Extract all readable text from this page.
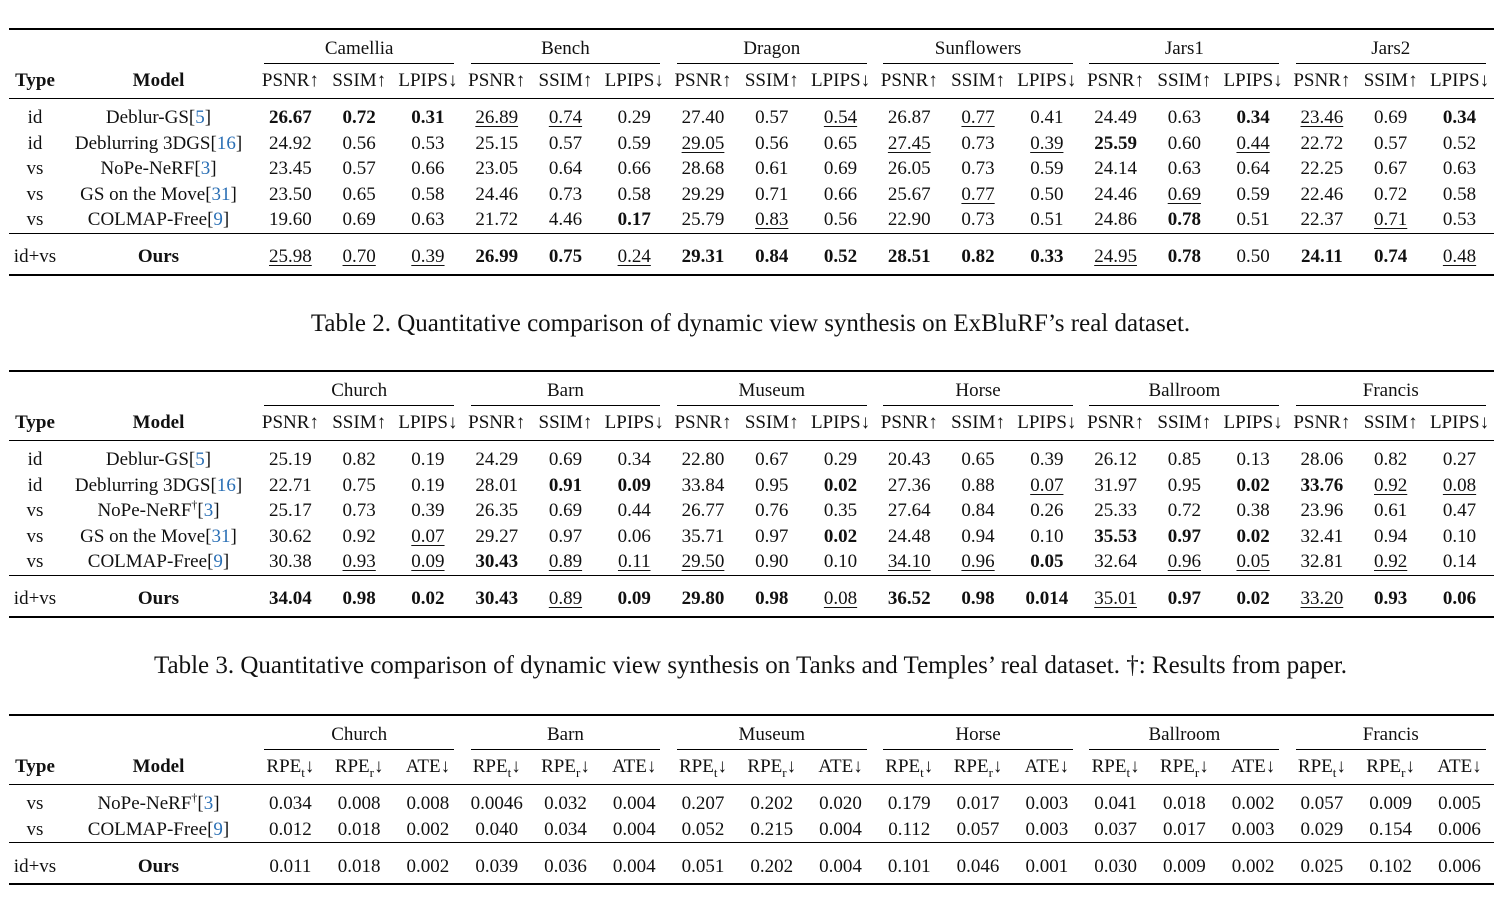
		Camellia			Bench			Dragon			Sunflowers			Jars1			Jars2		
Type	Model	PSNR↑	SSIM↑	LPIPS↓	PSNR↑	SSIM↑	LPIPS↓	PSNR↑	SSIM↑	LPIPS↓	PSNR↑	SSIM↑	LPIPS↓	PSNR↑	SSIM↑	LPIPS↓	PSNR↑	SSIM↑	LPIPS↓

id	Deblur-GS[5]	26.67	0.72	0.31	26.89	0.74	0.29	27.40	0.57	0.54	26.87	0.77	0.41	24.49	0.63	0.34	23.46	0.69	0.34
id	Deblurring 3DGS[16]	24.92	0.56	0.53	25.15	0.57	0.59	29.05	0.56	0.65	27.45	0.73	0.39	25.59	0.60	0.44	22.72	0.57	0.52
vs	NoPe-NeRF[3]	23.45	0.57	0.66	23.05	0.64	0.66	28.68	0.61	0.69	26.05	0.73	0.59	24.14	0.63	0.64	22.25	0.67	0.63
vs	GS on the Move[31]	23.50	0.65	0.58	24.46	0.73	0.58	29.29	0.71	0.66	25.67	0.77	0.50	24.46	0.69	0.59	22.46	0.72	0.58
vs	COLMAP-Free[9]	19.60	0.69	0.63	21.72	4.46	0.17	25.79	0.83	0.56	22.90	0.73	0.51	24.86	0.78	0.51	22.37	0.71	0.53

id+vs	Ours	25.98	0.70	0.39	26.99	0.75	0.24	29.31	0.84	0.52	28.51	0.82	0.33	24.95	0.78	0.50	24.11	0.74	0.48

Table 2. Quantitative comparison of dynamic view synthesis on ExBluRF’s real dataset.

		Church			Barn			Museum			Horse			Ballroom			Francis		
Type	Model	PSNR↑	SSIM↑	LPIPS↓	PSNR↑	SSIM↑	LPIPS↓	PSNR↑	SSIM↑	LPIPS↓	PSNR↑	SSIM↑	LPIPS↓	PSNR↑	SSIM↑	LPIPS↓	PSNR↑	SSIM↑	LPIPS↓

id	Deblur-GS[5]	25.19	0.82	0.19	24.29	0.69	0.34	22.80	0.67	0.29	20.43	0.65	0.39	26.12	0.85	0.13	28.06	0.82	0.27
id	Deblurring 3DGS[16]	22.71	0.75	0.19	28.01	0.91	0.09	33.84	0.95	0.02	27.36	0.88	0.07	31.97	0.95	0.02	33.76	0.92	0.08
vs	NoPe-NeRF†[3]	25.17	0.73	0.39	26.35	0.69	0.44	26.77	0.76	0.35	27.64	0.84	0.26	25.33	0.72	0.38	23.96	0.61	0.47
vs	GS on the Move[31]	30.62	0.92	0.07	29.27	0.97	0.06	35.71	0.97	0.02	24.48	0.94	0.10	35.53	0.97	0.02	32.41	0.94	0.10
vs	COLMAP-Free[9]	30.38	0.93	0.09	30.43	0.89	0.11	29.50	0.90	0.10	34.10	0.96	0.05	32.64	0.96	0.05	32.81	0.92	0.14

id+vs	Ours	34.04	0.98	0.02	30.43	0.89	0.09	29.80	0.98	0.08	36.52	0.98	0.014	35.01	0.97	0.02	33.20	0.93	0.06

Table 3. Quantitative comparison of dynamic view synthesis on Tanks and Temples’ real dataset. †: Results from paper.

		Church			Barn			Museum			Horse			Ballroom			Francis		
Type	Model	$RPE_t↓$	$RPE_r↓$	ATE↓	$RPE_t↓$	$RPE_r↓$	ATE↓	$RPE_t↓$	$RPE_r↓$	ATE↓	$RPE_t↓$	$RPE_r↓$	ATE↓	$RPE_t↓$	$RPE_r↓$	ATE↓	$RPE_t↓$	$RPE_r↓$	ATE↓

vs	NoPe-NeRF†[3]	0.034	0.008	0.008	0.0046	0.032	0.004	0.207	0.202	0.020	0.179	0.017	0.003	0.041	0.018	0.002	0.057	0.009	0.005
vs	COLMAP-Free[9]	0.012	0.018	0.002	0.040	0.034	0.004	0.052	0.215	0.004	0.112	0.057	0.003	0.037	0.017	0.003	0.029	0.154	0.006

id+vs	Ours	0.011	0.018	0.002	0.039	0.036	0.004	0.051	0.202	0.004	0.101	0.046	0.001	0.030	0.009	0.002	0.025	0.102	0.006
